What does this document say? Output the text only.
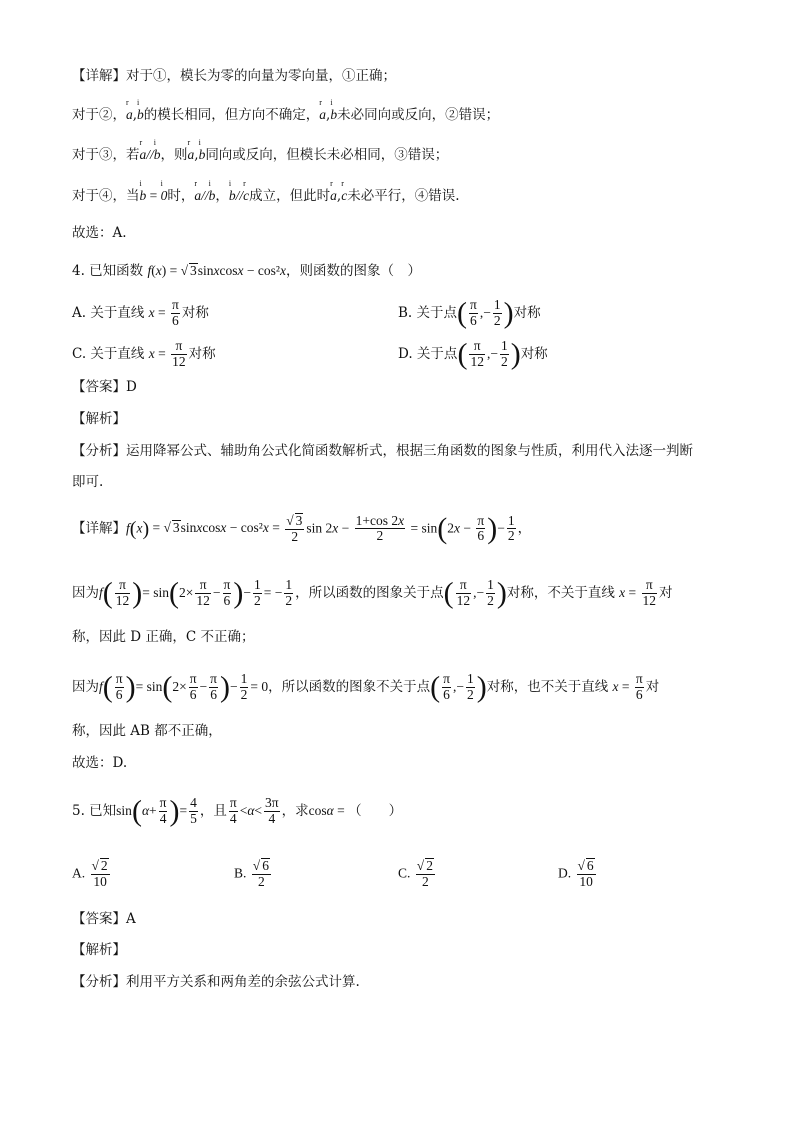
【详解】对于①，模长为零的向量为零向量，①正确；
对于②，r a,i b的模长相同，但方向不确定，r a,i b未必同向或反向，②错误；
对于③，若r a//i b，则r a,i b同向或反向，但模长未必相同，③错误；
对于④，当i b = i 0时，r a//i b，i b//r c成立，但此时r a,r c未必平行，④错误.
故选：A.
4. 已知函数 f(x) = √ 3sinxcosx − cos²x，则函数的图象（　）
A. 关于直线 $x = \frac{\pi}{6}$ 对称	B. 关于点( $\frac{\pi}{6}$ ,− $\frac{1}{2}$ )对称
C. 关于直线 $x = \frac{\pi}{12}$ 对称	D. 关于点( $\frac{\pi}{12}$ ,− $\frac{1}{2}$ )对称
【答案】D
【解析】
【分析】运用降幂公式、辅助角公式化简函数解析式，根据三角函数的图象与性质，利用代入法逐一判断
即可.
【详解】f(x) = √ 3sinxcosx − $\cos^2x = \frac{√ 3}{2}$ $\sin 2x - \frac{1+\cos 2x}{2} = \sin(2x - \frac{\pi}{6}$ )− $\frac{1}{2}$ ，
因为$f( \frac{\pi}{12}$ )= $\sin(2\times \frac{\pi}{12} - \frac{\pi}{6}$ )− $\frac{1}{2}$ = − $\frac{1}{2}$ ，所以函数的图象关于点( $\frac{\pi}{12}$ ,− $\frac{1}{2}$ )对称，不关于直线 $x = \frac{\pi}{12}$ 对
称，因此 D 正确，C 不正确；
因为$f( \frac{\pi}{6}$ )= $\sin(2\times \frac{\pi}{6} - \frac{\pi}{6}$ )− $\frac{1}{2} = 0$，所以函数的图象不关于点( $\frac{\pi}{6}$ ,− $\frac{1}{2}$ )对称，也不关于直线 $x = \frac{\pi}{6}$ 对
称，因此 AB 都不正确，
故选：D.
5. 已知$\sin(\alpha+ \frac{\pi}{4}$ )= $\frac{4}{5}$ ，且 $\frac{\pi}{4} <\alpha< \frac{3\pi}{4}$ ，求cosα = （　　）
A. $\frac{√ 2}{10}$	B. $\frac{√ 6}{2}$	C. $\frac{√ 2}{2}$	D. $\frac{√ 6}{10}$
【答案】A
【解析】
【分析】利用平方关系和两角差的余弦公式计算.
